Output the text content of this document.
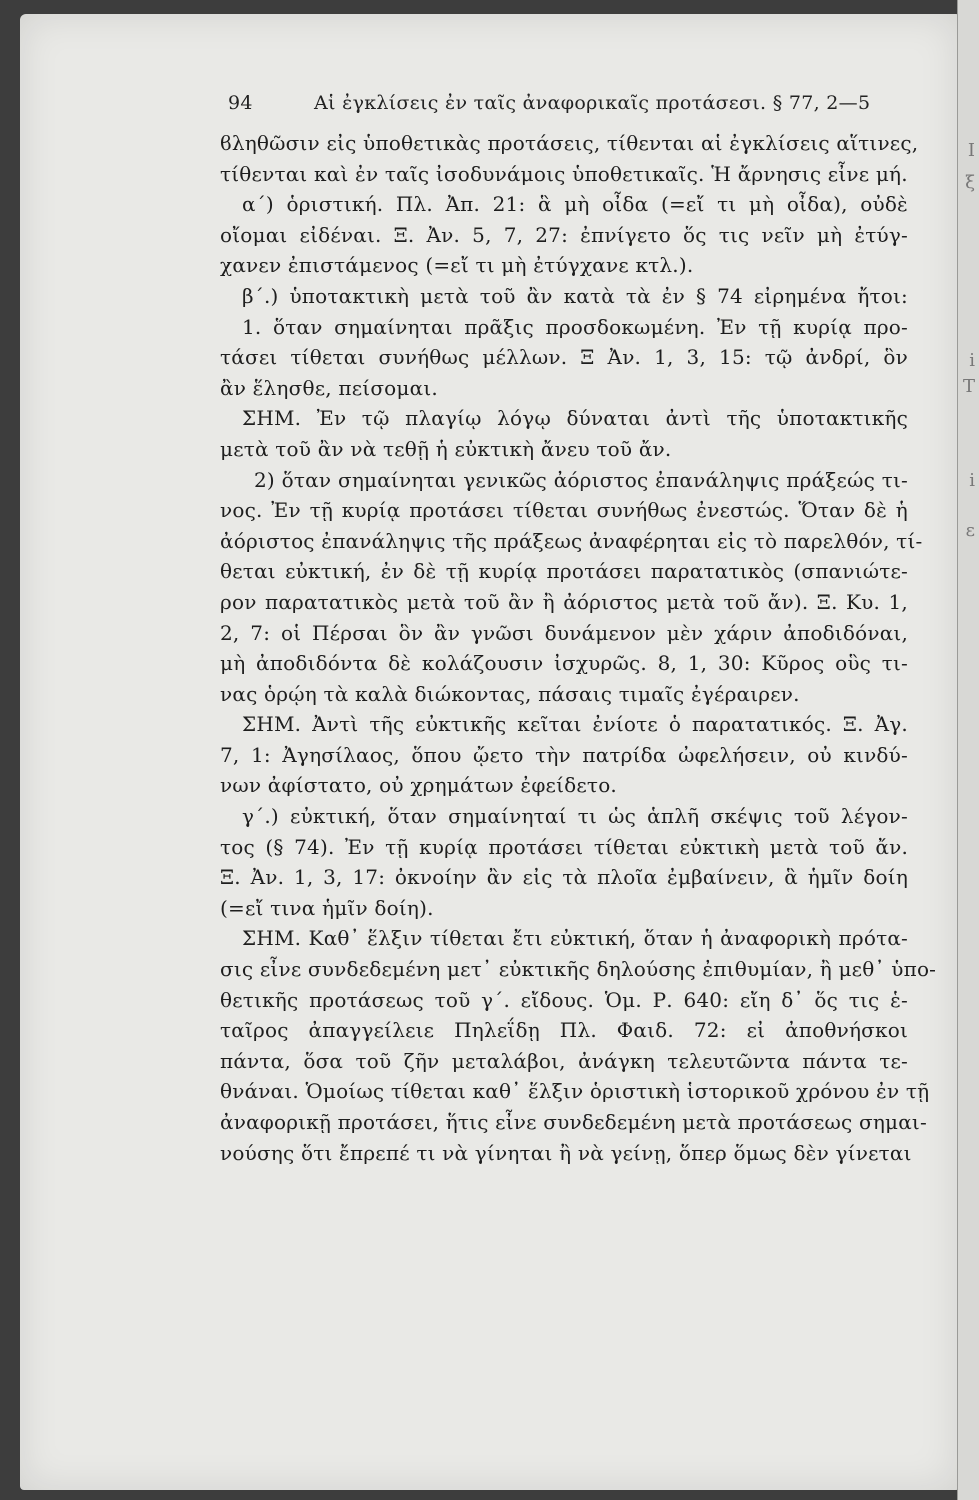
I
ξ
i
T
i
ε
94	Αἱ ἐγκλίσεις ἐν ταῖς ἀναφορικαῖς προτάσεσι. § 77, 2—5
ϐληθῶσιν εἰς ὑποθετικὰς προτάσεις, τίθενται αἱ ἐγκλίσεις αἵτινες,
τίθενται καὶ ἐν ταῖς ἰσοδυνάμοις ὑποθετικαῖς. Ἡ ἄρνησις εἶνε μή.
α΄) ὁριστική. Πλ. Ἀπ. 21: ἃ μὴ οἶδα (=εἴ τι μὴ οἶδα), οὐδὲ
οἴομαι εἰδέναι. Ξ. Ἀν. 5, 7, 27: ἐπνίγετο ὅς τις νεῖν μὴ ἐτύγ-
χανεν ἐπιστάμενος (=εἴ τι μὴ ἐτύγχανε κτλ.).
β΄.) ὑποτακτικὴ μετὰ τοῦ ἂν κατὰ τὰ ἐν § 74 εἰρημένα ἤτοι:
1. ὅταν σημαίνηται πρᾶξις προσδοκωμένη. Ἐν τῇ κυρίᾳ προ-
τάσει τίθεται συνήθως μέλλων. Ξ Ἀν. 1, 3, 15: τῷ ἀνδρί, ὃν
ἂν ἕλησθε, πείσομαι.
ΣΗΜ. Ἐν τῷ πλαγίῳ λόγῳ δύναται ἀντὶ τῆς ὑποτακτικῆς
μετὰ τοῦ ἂν νὰ τεθῇ ἡ εὐκτικὴ ἄνευ τοῦ ἄν.
2) ὅταν σημαίνηται γενικῶς ἀόριστος ἐπανάληψις πράξεώς τι-
νος. Ἐν τῇ κυρίᾳ προτάσει τίθεται συνήθως ἐνεστώς. Ὅταν δὲ ἡ
ἀόριστος ἐπανάληψις τῆς πράξεως ἀναφέρηται εἰς τὸ παρελθόν, τί-
θεται εὐκτική, ἐν δὲ τῇ κυρίᾳ προτάσει παρατατικὸς (σπανιώτε-
ρον παρατατικὸς μετὰ τοῦ ἂν ἢ ἀόριστος μετὰ τοῦ ἄν). Ξ. Κυ. 1,
2, 7: οἱ Πέρσαι ὃν ἂν γνῶσι δυνάμενον μὲν χάριν ἀποδιδόναι,
μὴ ἀποδιδόντα δὲ κολάζουσιν ἰσχυρῶς. 8, 1, 30: Κῦρος οὓς τι-
νας ὁρῴη τὰ καλὰ διώκοντας, πάσαις τιμαῖς ἐγέραιρεν.
ΣΗΜ. Ἀντὶ τῆς εὐκτικῆς κεῖται ἐνίοτε ὁ παρατατικός. Ξ. Ἀγ.
7, 1: Ἀγησίλαος, ὅπου ᾤετο τὴν πατρίδα ὠφελήσειν, οὐ κινδύ-
νων ἀφίστατο, οὐ χρημάτων ἐφείδετο.
γ΄.) εὐκτική, ὅταν σημαίνηταί τι ὡς ἁπλῆ σκέψις τοῦ λέγον-
τος (§ 74). Ἐν τῇ κυρίᾳ προτάσει τίθεται εὐκτικὴ μετὰ τοῦ ἄν.
Ξ. Ἀν. 1, 3, 17: ὀκνοίην ἂν εἰς τὰ πλοῖα ἐμβαίνειν, ἃ ἡμῖν δοίη
(=εἴ τινα ἡμῖν δοίη).
ΣΗΜ. Καθ᾽ ἕλξιν τίθεται ἔτι εὐκτική, ὅταν ἡ ἀναφορικὴ πρότα-
σις εἶνε συνδεδεμένη μετ᾽ εὐκτικῆς δηλούσης ἐπιθυμίαν, ἢ μεθ᾽ ὑπο-
θετικῆς προτάσεως τοῦ γ΄. εἴδους. Ὁμ. Ρ. 640: εἴη δ᾽ ὅς τις ἑ-
ταῖρος ἀπαγγείλειε Πηλεΐδῃ Πλ. Φαιδ. 72: εἰ ἀποθνήσκοι
πάντα, ὅσα τοῦ ζῆν μεταλάβοι, ἀνάγκη τελευτῶντα πάντα τε-
θνάναι. Ὁμοίως τίθεται καθ᾽ ἕλξιν ὁριστικὴ ἱστορικοῦ χρόνου ἐν τῇ
ἀναφορικῇ προτάσει, ἥτις εἶνε συνδεδεμένη μετὰ προτάσεως σημαι-
νούσης ὅτι ἔπρεπέ τι νὰ γίνηται ἢ νὰ γείνῃ, ὅπερ ὅμως δὲν γίνεται
